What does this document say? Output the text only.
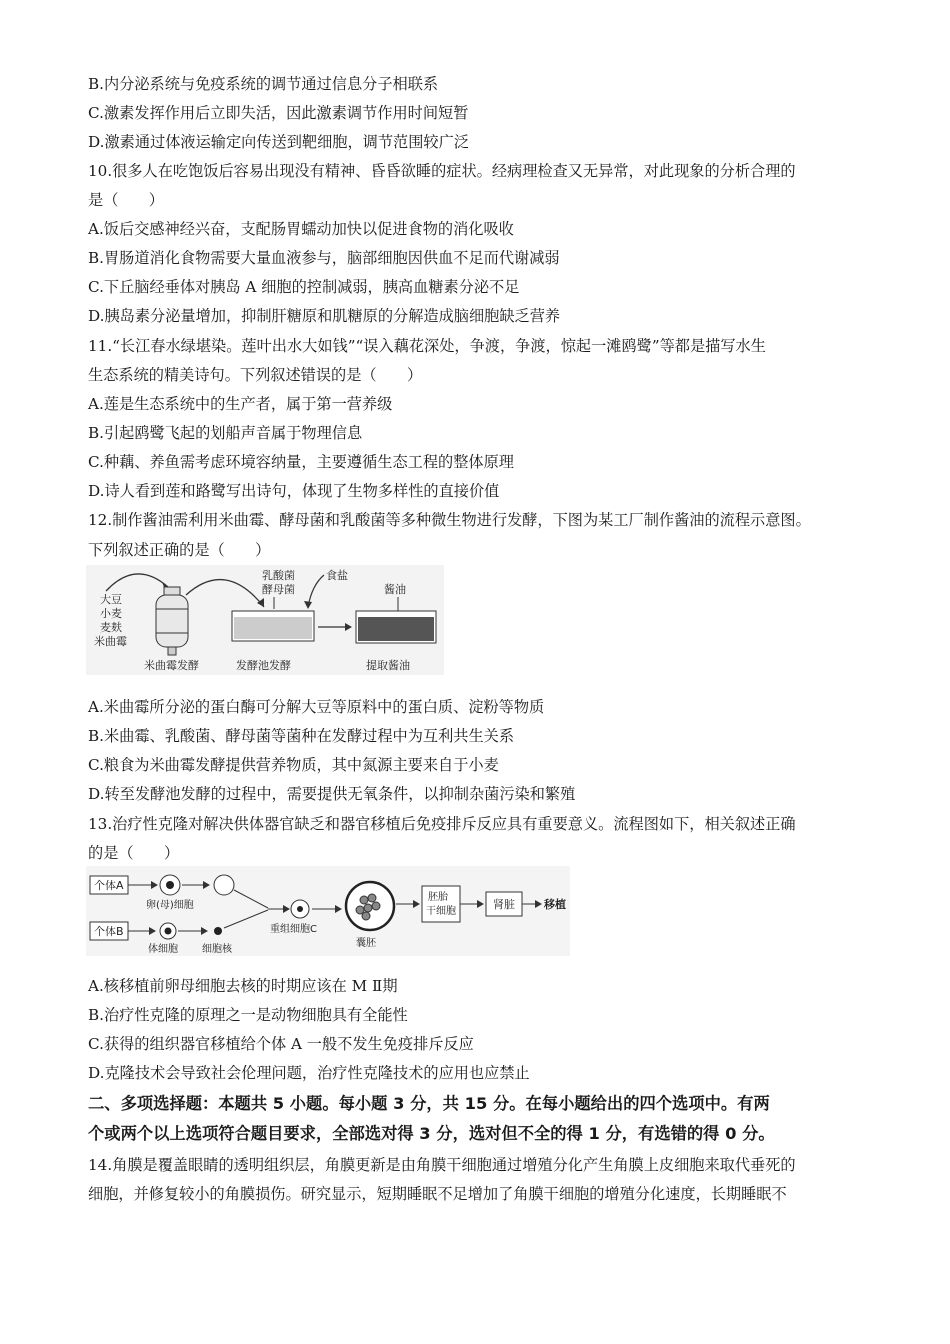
B.内分泌系统与免疫系统的调节通过信息分子相联系
C.激素发挥作用后立即失活，因此激素调节作用时间短暂
D.激素通过体液运输定向传送到靶细胞，调节范围较广泛
10.很多人在吃饱饭后容易出现没有精神、昏昏欲睡的症状。经病理检查又无异常，对此现象的分析合理的
是（　　）
A.饭后交感神经兴奋，支配肠胃蠕动加快以促进食物的消化吸收
B.胃肠道消化食物需要大量血液参与，脑部细胞因供血不足而代谢减弱
C.下丘脑经垂体对胰岛 A 细胞的控制减弱，胰高血糖素分泌不足
D.胰岛素分泌量增加，抑制肝糖原和肌糖原的分解造成脑细胞缺乏营养
11.“长江春水绿堪染。莲叶出水大如钱”“误入藕花深处，争渡，争渡，惊起一滩鸥鹭”等都是描写水生
生态系统的精美诗句。下列叙述错误的是（　　）
A.莲是生态系统中的生产者，属于第一营养级
B.引起鸥鹭飞起的划船声音属于物理信息
C.种藕、养鱼需考虑环境容纳量，主要遵循生态工程的整体原理
D.诗人看到莲和路鹭写出诗句，体现了生物多样性的直接价值
12.制作酱油需利用米曲霉、酵母菌和乳酸菌等多种微生物进行发酵，下图为某工厂制作酱油的流程示意图。
下列叙述正确的是（　　）
大豆
小麦
麦麸
米曲霉
米曲霉发酵
乳酸菌
酵母菌
食盐
发酵池发酵
酱油
提取酱油
A.米曲霉所分泌的蛋白酶可分解大豆等原料中的蛋白质、淀粉等物质
B.米曲霉、乳酸菌、酵母菌等菌种在发酵过程中为互利共生关系
C.粮食为米曲霉发酵提供营养物质，其中氮源主要来自于小麦
D.转至发酵池发酵的过程中，需要提供无氧条件，以抑制杂菌污染和繁殖
13.治疗性克隆对解决供体器官缺乏和器官移植后免疫排斥反应具有重要意义。流程图如下，相关叙述正确
的是（　　）
个体A
卵(母)细胞
个体B
体细胞 细胞核
重组细胞C
囊胚
胚胎
干细胞
肾脏	移植
A.核移植前卵母细胞去核的时期应该在 M Ⅱ期
B.治疗性克隆的原理之一是动物细胞具有全能性
C.获得的组织器官移植给个体 A 一般不发生免疫排斥反应
D.克隆技术会导致社会伦理问题，治疗性克隆技术的应用也应禁止
二、多项选择题：本题共 5 小题。每小题 3 分，共 15 分。在每小题给出的四个选项中。有两
个或两个以上选项符合题目要求，全部选对得 3 分，选对但不全的得 1 分，有选错的得 0 分。
14.角膜是覆盖眼睛的透明组织层，角膜更新是由角膜干细胞通过增殖分化产生角膜上皮细胞来取代垂死的
细胞，并修复较小的角膜损伤。研究显示，短期睡眠不足增加了角膜干细胞的增殖分化速度，长期睡眠不
